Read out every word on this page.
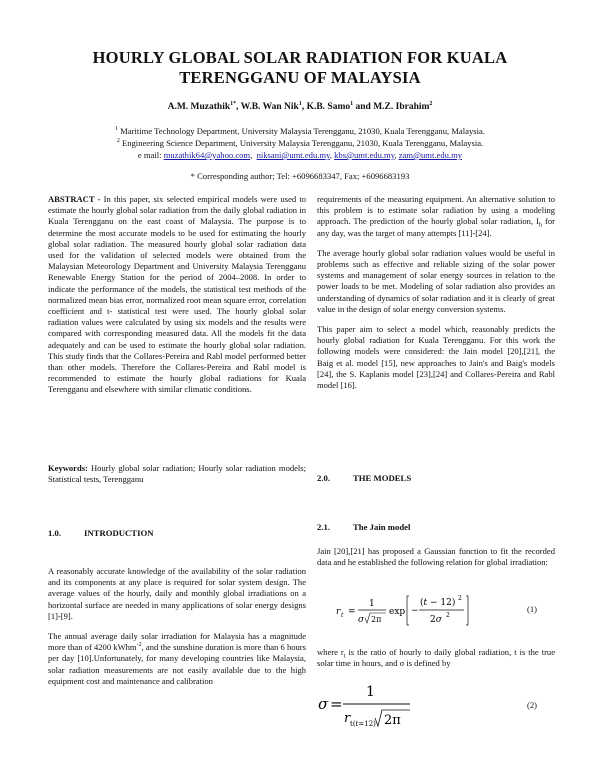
HOURLY GLOBAL SOLAR RADIATION FOR KUALA
TERENGGANU OF MALAYSIA
A.M. Muzathik$^{1*}$, W.B. Wan Nik$^1$, K.B. Samo$^1$ and M.Z. Ibrahim$^2$
$^1$ Maritime Technology Department, University Malaysia Terengganu, 21030, Kuala Terengganu, Malaysia.
$^2$ Engineering Science Department, University Malaysia Terengganu, 21030, Kuala Terengganu, Malaysia.
e mail: muzathik64@yahoo.com,  niksani@umt.edu.my, kbs@umt.edu.my, zam@umt.edu.my
* Corresponding author; Tel: +6096683347, Fax; +6096683193

ABSTRACT - In this paper, six selected empirical models were used to estimate the hourly global solar radiation from the daily global radiation in Kuala Terengganu on the east coast of Malaysia. The purpose is to determine the most accurate models to be used for estimating the hourly global solar radiation. The measured hourly global solar radiation data used for the validation of selected models were obtained from the Malaysian Meteorology Department and University Malaysia Terengganu Renewable Energy Station for the period of 2004–2008. In order to indicate the performance of the models, the statistical test methods of the normalized mean bias error, normalized root mean square error, correlation coefficient and t- statistical test were used. The hourly global solar radiation values were calculated by using six models and the results were compared with corresponding measured data. All the models fit the data adequately and can be used to estimate the hourly global solar radiation. This study finds that the Collares-Pereira and Rabl model performed better than other models. Therefore the Collares-Pereira and Rabl model is recommended to estimate the hourly global radiations for Kuala Terengganu and elsewhere with similar climatic conditions.

Keywords: Hourly global solar radiation; Hourly solar radiation models; Statistical tests, Terengganu

1.0.	INTRODUCTION

A reasonably accurate knowledge of the availability of the solar radiation and its components at any place is required for solar system design. The average values of the hourly, daily and monthly global irradiations on a horizontal surface are needed in many applications of solar energy designs [1]-[9].

The annual average daily solar irradiation for Malaysia has a magnitude more than of 4200 kWhm$^{-2}$, and the sunshine duration is more than 6 hours per day [10].Unfortunately, for many developing countries like Malaysia, solar radiation measurements are not easily available due to the high equipment cost and maintenance and calibration

requirements of the measuring equipment. An alternative solution to this problem is to estimate solar radiation by using a modeling approach. The prediction of the hourly global solar radiation, $I_h$ for any day, was the target of many attempts [11]-[24].

The average hourly global solar radiation values would be useful in problems such as effective and reliable sizing of the solar power systems and management of solar energy sources in relation to the power loads to be met. Modeling of solar radiation also provides an understanding of dynamics of solar radiation and it is clearly of great value in the design of solar energy conversion systems.

This paper aim to select a model which, reasonably predicts the hourly global radiation for Kuala Terengganu. For this work the following models were considered: the Jain model [20],[21], the Baig et al. model [15], new approaches to Jain's and Baig's models [24], the S. Kaplanis model [23],[24] and Collares-Pereira and Rabl model [16].

2.0.	THE MODELS
2.1.	The Jain model
Jain [20],[21] has proposed a Gaussian function to fit the recorded data and he established the following relation for global irradiation:
r t =
1
σ 2π
exp −
(t − 12) 2
2σ 2
(1)
where $r_t$ is the ratio of hourly to daily global radiation, t is the true solar time in hours, and σ is defined by
σ =
1
r t(t=12) 2π
(2)
